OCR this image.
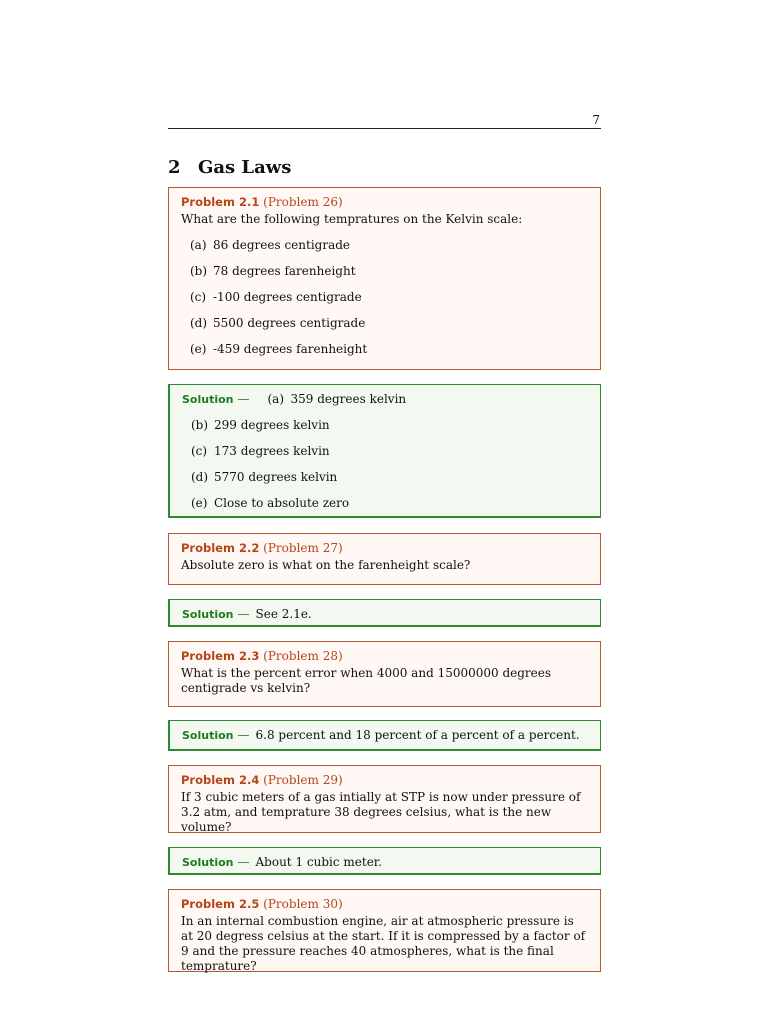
7
2 Gas Laws
Problem 2.1 (Problem 26)
What are the following tempratures on the Kelvin scale:
(a) 86 degrees centigrade
(b) 78 degrees farenheight
(c) -100 degrees centigrade
(d) 5500 degrees centigrade
(e) -459 degrees farenheight
Solution — (a) 359 degrees kelvin
(b) 299 degrees kelvin
(c) 173 degrees kelvin
(d) 5770 degrees kelvin
(e) Close to absolute zero
Problem 2.2 (Problem 27)
Absolute zero is what on the farenheight scale?
Solution — See 2.1e.
Problem 2.3 (Problem 28)
What is the percent error when 4000 and 15000000 degrees centigrade vs kelvin?
Solution — 6.8 percent and 18 percent of a percent of a percent.
Problem 2.4 (Problem 29)
If 3 cubic meters of a gas intially at STP is now under pressure of 3.2 atm, and temprature 38 degrees celsius, what is the new volume?
Solution — About 1 cubic meter.
Problem 2.5 (Problem 30)
In an internal combustion engine, air at atmospheric pressure is at 20 degress celsius at the start. If it is compressed by a factor of 9 and the pressure reaches 40 atmospheres, what is the final temprature?
